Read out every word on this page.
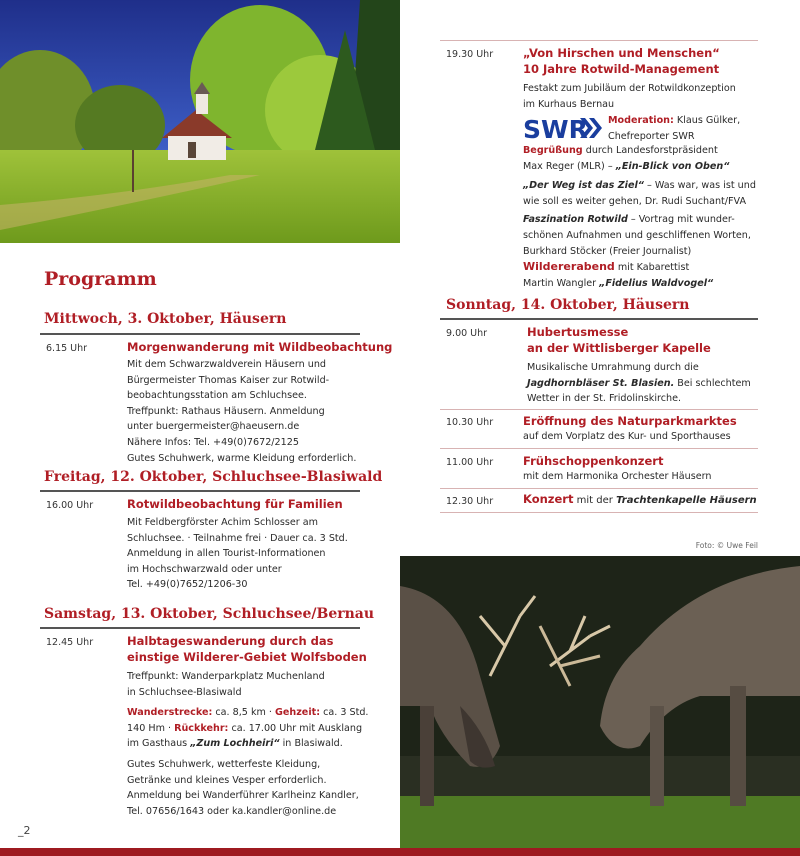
Programm
Mittwoch, 3. Oktober, Häusern
6.15 Uhr	Morgenwanderung mit Wildbeobachtung
Mit dem Schwarzwaldverein Häusern und
Bürgermeister Thomas Kaiser zur Rotwild-
beobachtungsstation am Schluchsee.
Treffpunkt: Rathaus Häusern. Anmeldung
unter buergermeister@haeusern.de
Nähere Infos: Tel. +49(0)7672/2125
Gutes Schuhwerk, warme Kleidung erforderlich.
Freitag, 12. Oktober, Schluchsee-Blasiwald
16.00 Uhr	Rotwildbeobachtung für Familien
Mit Feldbergförster Achim Schlosser am
Schluchsee. · Teilnahme frei · Dauer ca. 3 Std.
Anmeldung in allen Tourist-Informationen
im Hochschwarzwald oder unter
Tel. +49(0)7652/1206-30
Samstag, 13. Oktober, Schluchsee/Bernau
12.45 Uhr	Halbtageswanderung durch das
einstige Wilderer-Gebiet Wolfsboden
Treffpunkt: Wanderparkplatz Muchenland
in Schluchsee-Blasiwald
Wanderstrecke: ca. 8,5 km · Gehzeit: ca. 3 Std.
140 Hm · Rückkehr: ca. 17.00 Uhr mit Ausklang
im Gasthaus „Zum Lochheiri“ in Blasiwald.
Gutes Schuhwerk, wetterfeste Kleidung,
Getränke und kleines Vesper erforderlich.
Anmeldung bei Wanderführer Karlheinz Kandler,
Tel. 07656/1643 oder ka.kandler@online.de
_2
19.30 Uhr	„Von Hirschen und Menschen“
10 Jahre Rotwild-Management
Festakt zum Jubiläum der Rotwildkonzeption
im Kurhaus Bernau
SWR Moderation: Klaus Gülker,
Chefreporter SWR
Begrüßung durch Landesforstpräsident
Max Reger (MLR) – „Ein-Blick von Oben“
„Der Weg ist das Ziel“ – Was war, was ist und
wie soll es weiter gehen, Dr. Rudi Suchant/FVA
Faszination Rotwild – Vortrag mit wunder-
schönen Aufnahmen und geschliffenen Worten,
Burkhard Stöcker (Freier Journalist)
Wildererabend mit Kabarettist
Martin Wangler „Fidelius Waldvogel“
Sonntag, 14. Oktober, Häusern
9.00 Uhr	Hubertusmesse
an der Wittlisberger Kapelle
Musikalische Umrahmung durch die
Jagdhornbläser St. Blasien. Bei schlechtem
Wetter in der St. Fridolinskirche.
10.30 Uhr	Eröffnung des Naturparkmarktes
auf dem Vorplatz des Kur- und Sporthauses
11.00 Uhr	Frühschoppenkonzert
mit dem Harmonika Orchester Häusern
12.30 Uhr	Konzert mit der Trachtenkapelle Häusern
Foto: © Uwe Feil
